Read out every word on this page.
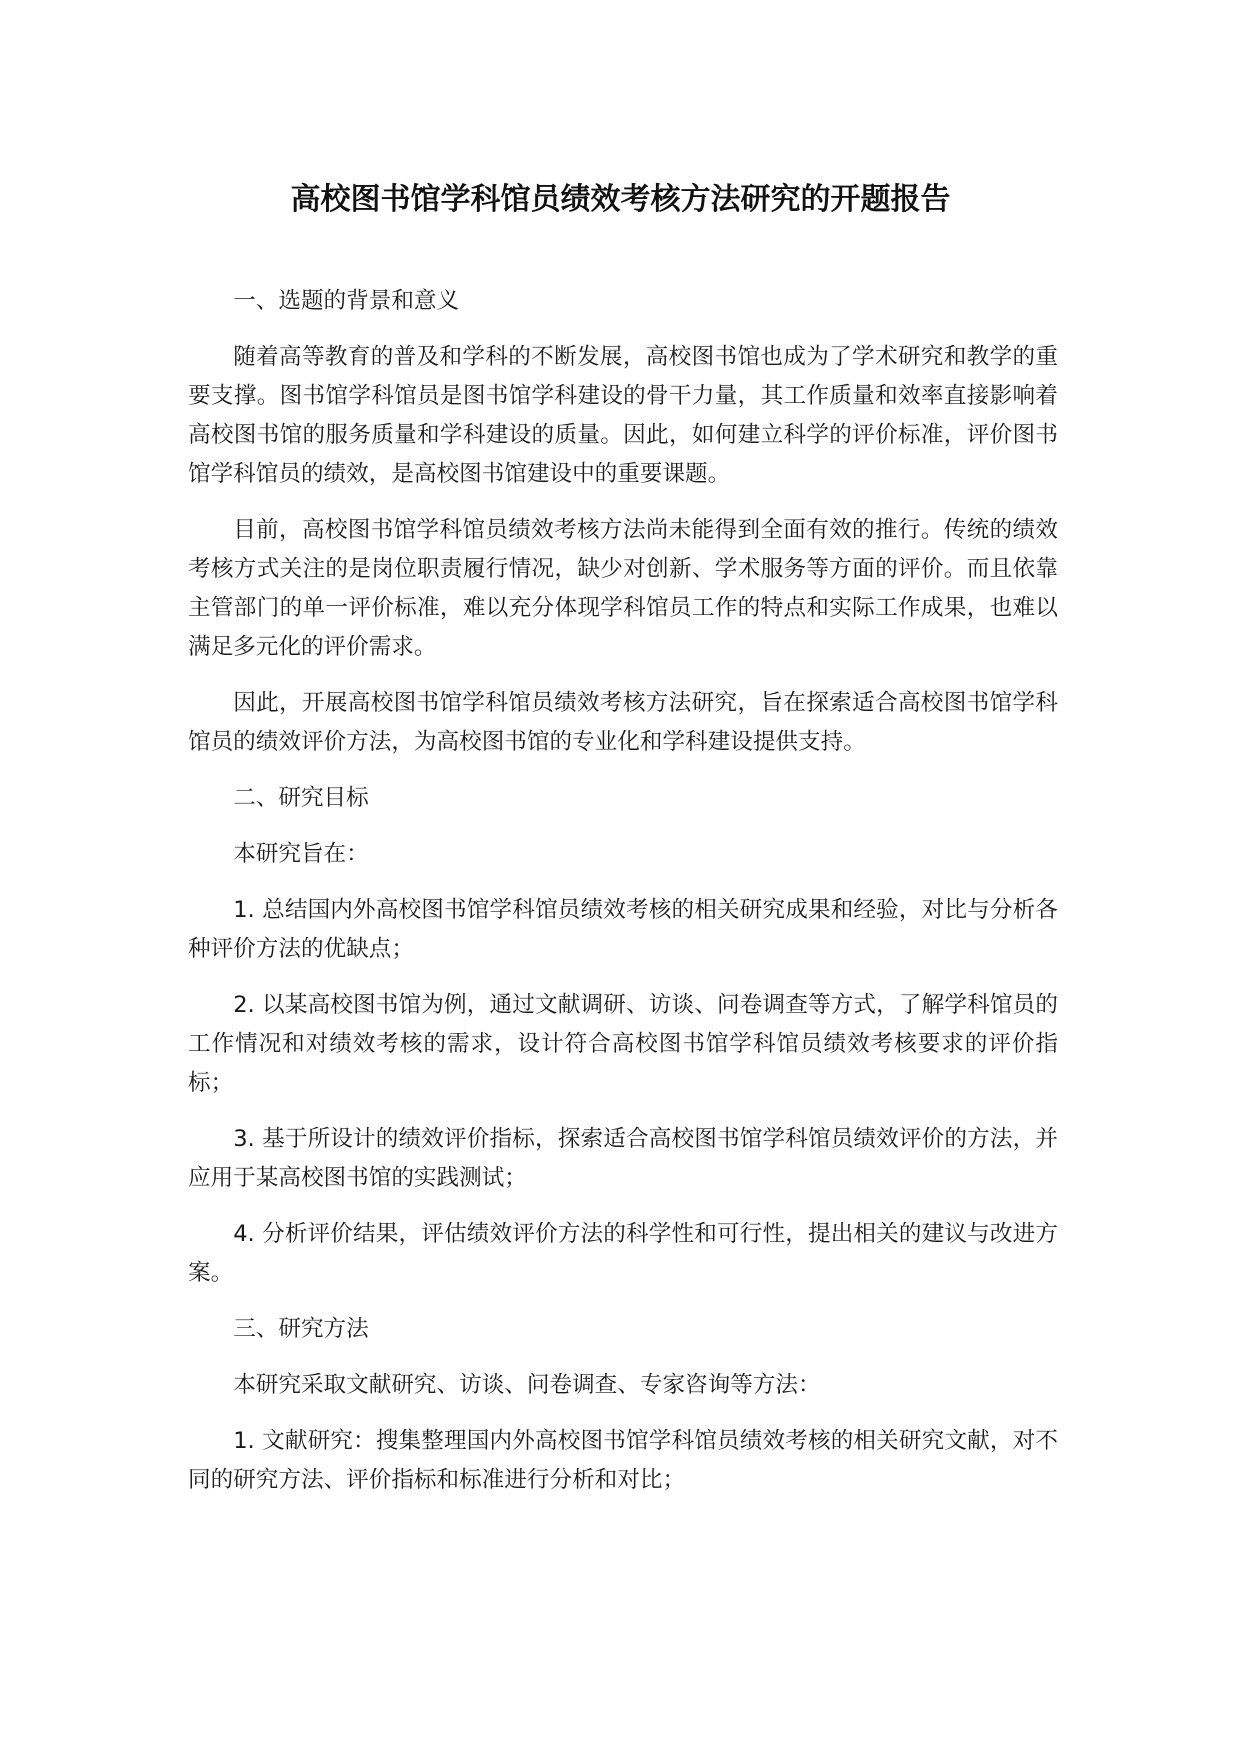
高校图书馆学科馆员绩效考核方法研究的开题报告

一、选题的背景和意义

随着高等教育的普及和学科的不断发展，高校图书馆也成为了学术研究和教学的重要支撑。图书馆学科馆员是图书馆学科建设的骨干力量，其工作质量和效率直接影响着高校图书馆的服务质量和学科建设的质量。因此，如何建立科学的评价标准，评价图书馆学科馆员的绩效，是高校图书馆建设中的重要课题。

目前，高校图书馆学科馆员绩效考核方法尚未能得到全面有效的推行。传统的绩效考核方式关注的是岗位职责履行情况，缺少对创新、学术服务等方面的评价。而且依靠主管部门的单一评价标准，难以充分体现学科馆员工作的特点和实际工作成果，也难以满足多元化的评价需求。

因此，开展高校图书馆学科馆员绩效考核方法研究，旨在探索适合高校图书馆学科馆员的绩效评价方法，为高校图书馆的专业化和学科建设提供支持。

二、研究目标

本研究旨在：

1. 总结国内外高校图书馆学科馆员绩效考核的相关研究成果和经验，对比与分析各种评价方法的优缺点；

2. 以某高校图书馆为例，通过文献调研、访谈、问卷调查等方式，了解学科馆员的工作情况和对绩效考核的需求，设计符合高校图书馆学科馆员绩效考核要求的评价指标；

3. 基于所设计的绩效评价指标，探索适合高校图书馆学科馆员绩效评价的方法，并应用于某高校图书馆的实践测试；

4. 分析评价结果，评估绩效评价方法的科学性和可行性，提出相关的建议与改进方案。

三、研究方法

本研究采取文献研究、访谈、问卷调查、专家咨询等方法：

1. 文献研究：搜集整理国内外高校图书馆学科馆员绩效考核的相关研究文献，对不同的研究方法、评价指标和标准进行分析和对比；
